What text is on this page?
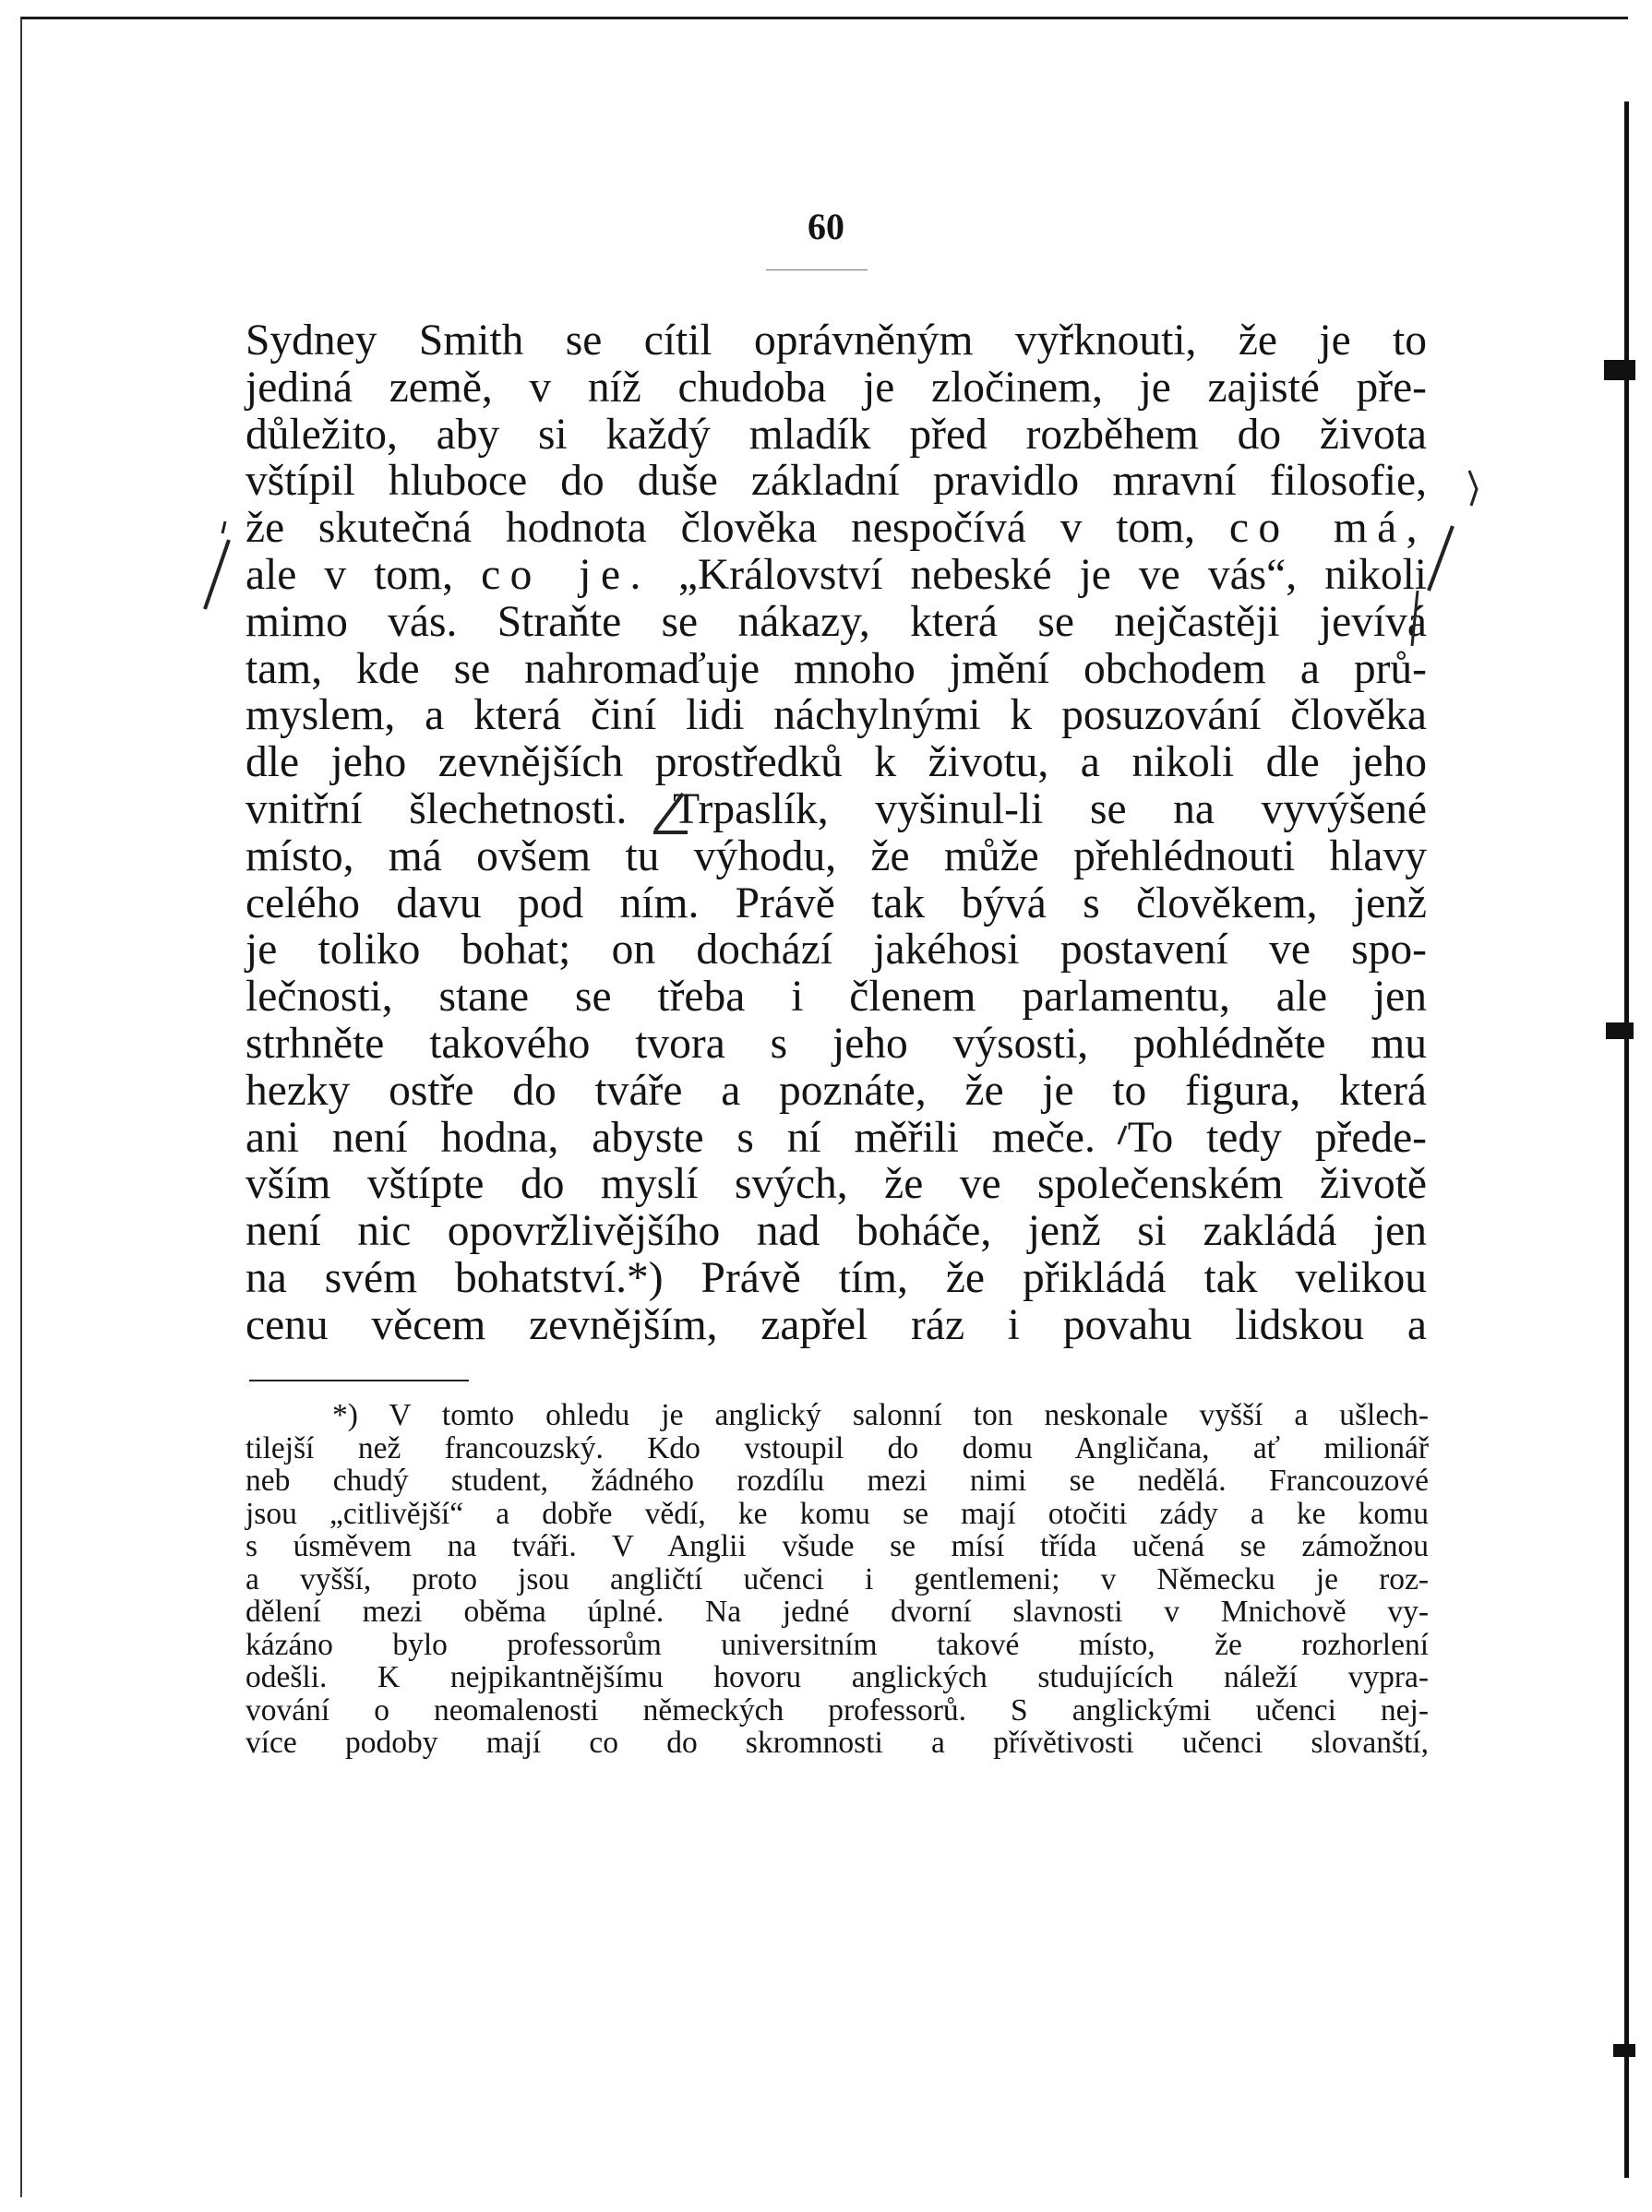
60
Sydney Smith se cítil oprávněným vyřknouti, že je to
jediná země, v níž chudoba je zločinem, je zajisté pře-
důležito, aby si každý mladík před rozběhem do života
vštípil hluboce do duše základní pravidlo mravní filosofie,
že skutečná hodnota člověka nespočívá v tom, co má,
ale v tom, co je. „Království nebeské je ve vás“, nikoli
mimo vás. Straňte se nákazy, která se nejčastěji jevívá
tam, kde se nahromaďuje mnoho jmění obchodem a prů-
myslem, a která činí lidi náchylnými k posuzování člověka
dle jeho zevnějších prostředků k životu, a nikoli dle jeho
vnitřní šlechetnosti. Trpaslík, vyšinul-li se na vyvýšené
místo, má ovšem tu výhodu, že může přehlédnouti hlavy
celého davu pod ním. Právě tak bývá s člověkem, jenž
je toliko bohat; on dochází jakéhosi postavení ve spo-
lečnosti, stane se třeba i členem parlamentu, ale jen
strhněte takového tvora s jeho výsosti, pohlédněte mu
hezky ostře do tváře a poznáte, že je to figura, která
ani není hodna, abyste s ní měřili meče. To tedy přede-
vším vštípte do myslí svých, že ve společenském životě
není nic opovržlivějšího nad boháče, jenž si zakládá jen
na svém bohatství.*) Právě tím, že přikládá tak velikou
cenu věcem zevnějším, zapřel ráz i povahu lidskou a
*) V tomto ohledu je anglický salonní ton neskonale vyšší a ušlech-
tilejší než francouzský. Kdo vstoupil do domu Angličana, ať milionář
neb chudý student, žádného rozdílu mezi nimi se nedělá. Francouzové
jsou „citlivější“ a dobře vědí, ke komu se mají otočiti zády a ke komu
s úsměvem na tváři. V Anglii všude se mísí třída učená se zámožnou
a vyšší, proto jsou angličtí učenci i gentlemeni; v Německu je roz-
dělení mezi oběma úplné. Na jedné dvorní slavnosti v Mnichově vy-
kázáno bylo professorům universitním takové místo, že rozhorlení
odešli. K nejpikantnějšímu hovoru anglických studujících náleží vypra-
vování o neomalenosti německých professorů. S anglickými učenci nej-
více podoby mají co do skromnosti a přívětivosti učenci slovanští,
